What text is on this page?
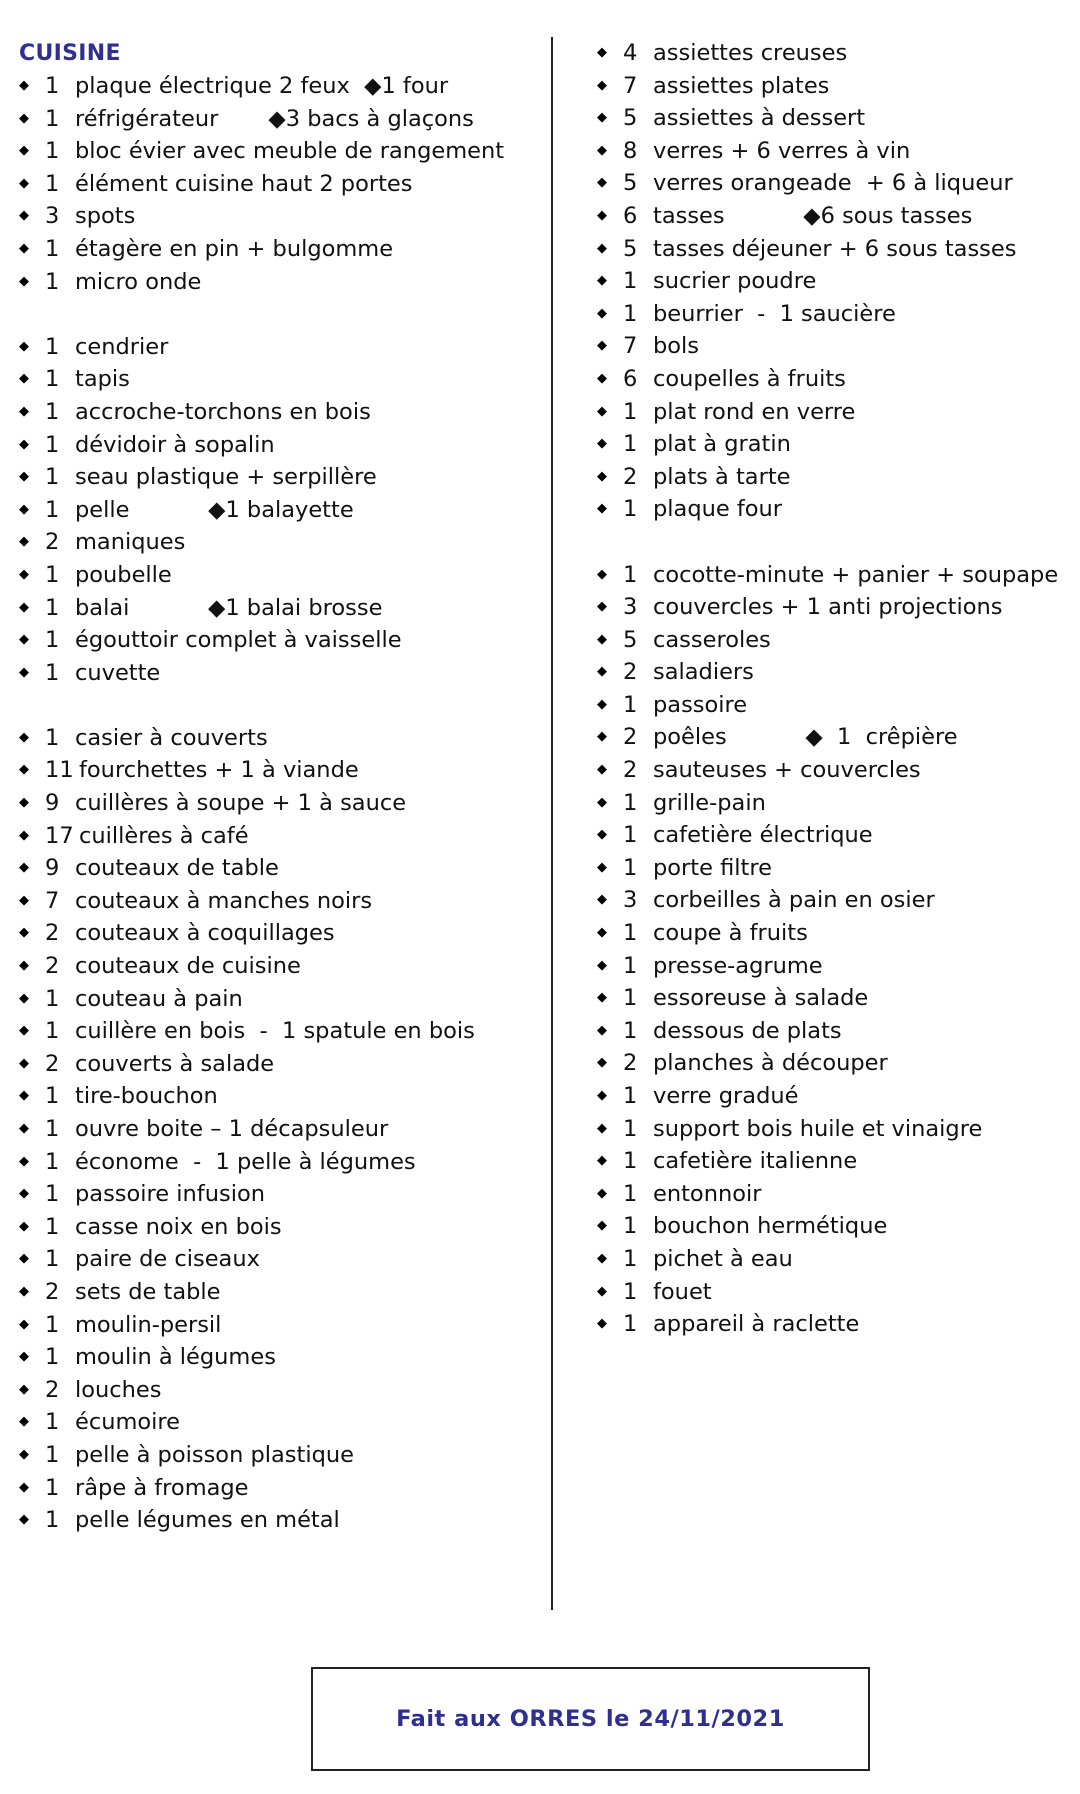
CUISINE
◆ 1 plaque électrique 2 feux  ◆1 four
◆ 1 réfrigérateur       ◆3 bacs à glaçons
◆ 1 bloc évier avec meuble de rangement
◆ 1 élément cuisine haut 2 portes
◆ 3 spots
◆ 1 étagère en pin + bulgomme
◆ 1 micro onde
◆ 1 cendrier
◆ 1 tapis
◆ 1 accroche-torchons en bois
◆ 1 dévidoir à sopalin
◆ 1 seau plastique + serpillère
◆ 1 pelle           ◆1 balayette
◆ 2 maniques
◆ 1 poubelle
◆ 1 balai           ◆1 balai brosse
◆ 1 égouttoir complet à vaisselle
◆ 1 cuvette
◆ 1 casier à couverts
◆ 11 fourchettes + 1 à viande
◆ 9 cuillères à soupe + 1 à sauce
◆ 17 cuillères à café
◆ 9 couteaux de table
◆ 7 couteaux à manches noirs
◆ 2 couteaux à coquillages
◆ 2 couteaux de cuisine
◆ 1 couteau à pain
◆ 1 cuillère en bois  -  1 spatule en bois
◆ 2 couverts à salade
◆ 1 tire-bouchon
◆ 1 ouvre boite – 1 décapsuleur
◆ 1 économe  -  1 pelle à légumes
◆ 1 passoire infusion
◆ 1 casse noix en bois
◆ 1 paire de ciseaux
◆ 2 sets de table
◆ 1 moulin-persil
◆ 1 moulin à légumes
◆ 2 louches
◆ 1 écumoire
◆ 1 pelle à poisson plastique
◆ 1 râpe à fromage
◆ 1 pelle légumes en métal
◆ 4 assiettes creuses
◆ 7 assiettes plates
◆ 5 assiettes à dessert
◆ 8 verres + 6 verres à vin
◆ 5 verres orangeade  + 6 à liqueur
◆ 6 tasses           ◆6 sous tasses
◆ 5 tasses déjeuner + 6 sous tasses
◆ 1 sucrier poudre
◆ 1 beurrier  -  1 saucière
◆ 7 bols
◆ 6 coupelles à fruits
◆ 1 plat rond en verre
◆ 1 plat à gratin
◆ 2 plats à tarte
◆ 1 plaque four
◆ 1 cocotte-minute + panier + soupape
◆ 3 couvercles + 1 anti projections
◆ 5 casseroles
◆ 2 saladiers
◆ 1 passoire
◆ 2 poêles           ◆  1  crêpière
◆ 2 sauteuses + couvercles
◆ 1 grille-pain
◆ 1 cafetière électrique
◆ 1 porte filtre
◆ 3 corbeilles à pain en osier
◆ 1 coupe à fruits
◆ 1 presse-agrume
◆ 1 essoreuse à salade
◆ 1 dessous de plats
◆ 2 planches à découper
◆ 1 verre gradué
◆ 1 support bois huile et vinaigre
◆ 1 cafetière italienne
◆ 1 entonnoir
◆ 1 bouchon hermétique
◆ 1 pichet à eau
◆ 1 fouet
◆ 1 appareil à raclette
Fait aux ORRES le 24/11/2021
